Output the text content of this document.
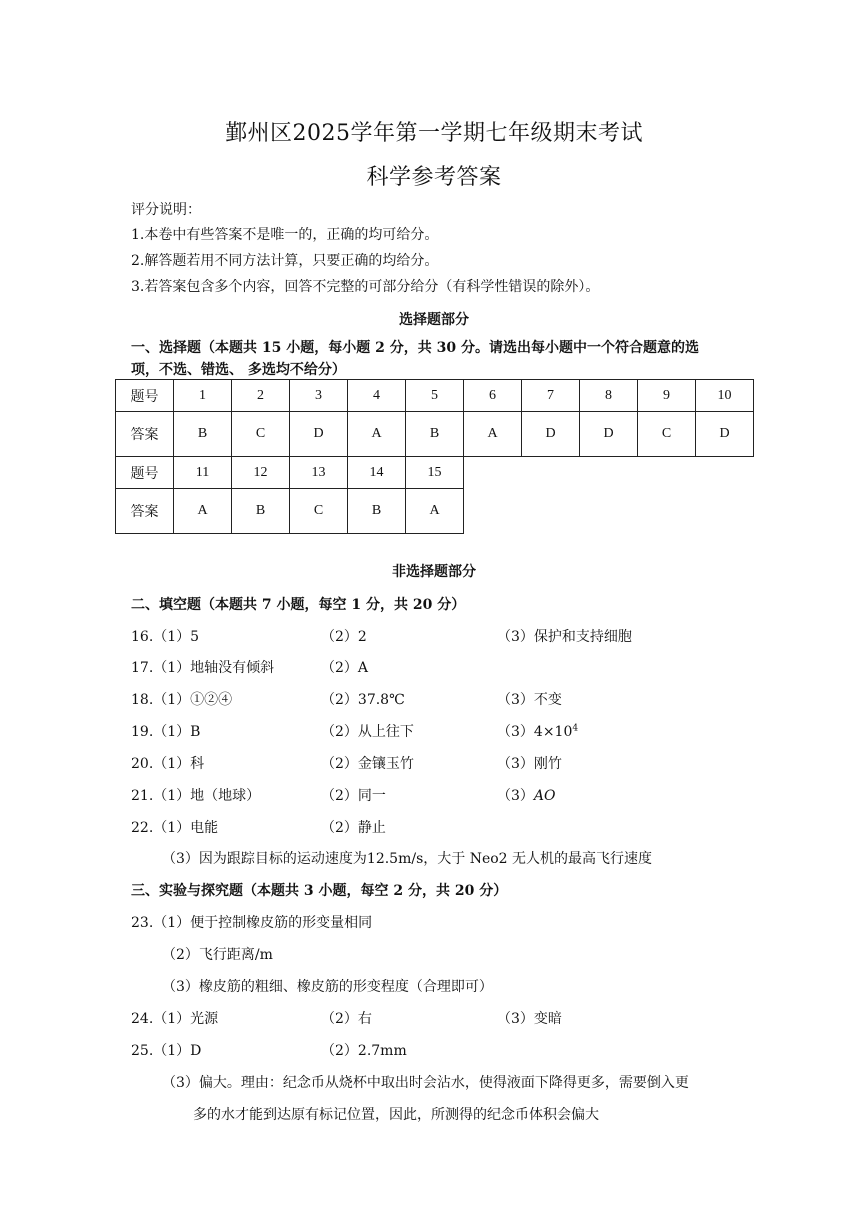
鄞州区2025学年第一学期七年级期末考试
科学参考答案
评分说明：
1.本卷中有些答案不是唯一的，正确的均可给分。
2.解答题若用不同方法计算，只要正确的均给分。
3.若答案包含多个内容，回答不完整的可部分给分（有科学性错误的除外）。
选择题部分
一、选择题（本题共 15 小题，每小题 2 分，共 30 分。请选出每小题中一个符合题意的选
项，不选、错选、 多选均不给分）
题号	1	2	3	4	5	6	7	8	9	10
答案	B	C	D	A	B	A	D	D	C	D
题号	11	12	13	14	15
答案	A	B	C	B	A
非选择题部分
二、填空题（本题共 7 小题，每空 1 分，共 20 分）
16.（1）5	（2）2	（3）保护和支持细胞
17.（1）地轴没有倾斜	（2）A
18.（1）①②④	（2）37.8℃	（3）不变
19.（1）B	（2）从上往下	$(3)4\times 10^4$
20.（1）科	（2）金镶玉竹	（3）刚竹
21.（1）地（地球）	（2）同一	（3）AO
22.（1）电能	（2）静止
（3）因为跟踪目标的运动速度为12.5m/s，大于 Neo2 无人机的最高飞行速度
三、实验与探究题（本题共 3 小题，每空 2 分，共 20 分）
23.（1）便于控制橡皮筋的形变量相同
（2）飞行距离/m
（3）橡皮筋的粗细、橡皮筋的形变程度（合理即可）
24.（1）光源	（2）右	（3）变暗
25.（1）D	（2）2.7mm
（3）偏大。理由：纪念币从烧杯中取出时会沾水，使得液面下降得更多，需要倒入更
多的水才能到达原有标记位置，因此，所测得的纪念币体积会偏大
